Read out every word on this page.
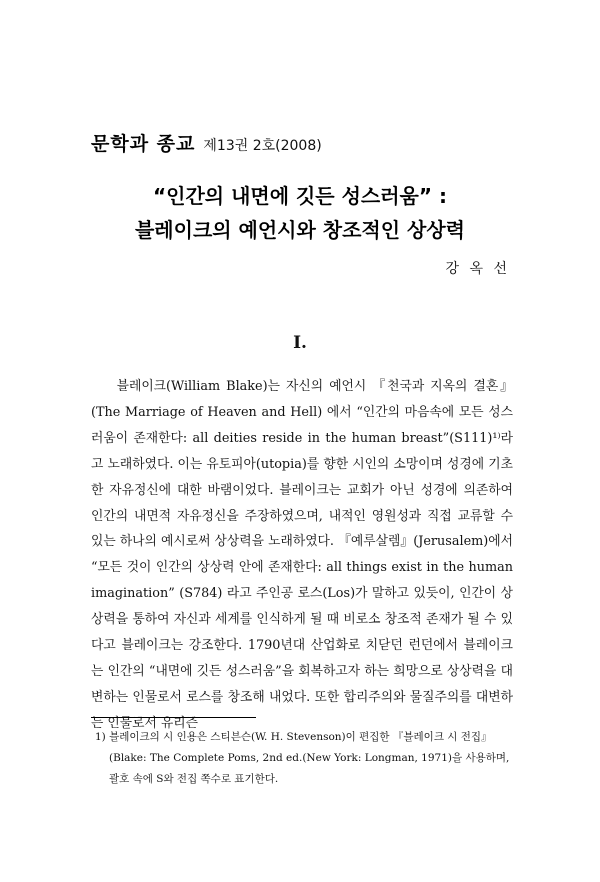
문학과 종교 제13권 2호(2008)
“인간의 내면에 깃든 성스러움” :
블레이크의 예언시와 창조적인 상상력
강 옥 선
I.

블레이크(William Blake)는 자신의 예언시 『천국과 지옥의 결혼』(The Marriage of Heaven and Hell) 에서 “인간의 마음속에 모든 성스러움이 존재한다: all deities reside in the human breast”(S111)¹⁾라고 노래하였다. 이는 유토피아(utopia)를 향한 시인의 소망이며 성경에 기초한 자유정신에 대한 바램이었다. 블레이크는 교회가 아닌 성경에 의존하여 인간의 내면적 자유정신을 주장하였으며, 내적인 영원성과 직접 교류할 수 있는 하나의 예시로써 상상력을 노래하였다. 『예루살렘』(Jerusalem)에서 “모든 것이 인간의 상상력 안에 존재한다: all things exist in the human imagination” (S784) 라고 주인공 로스(Los)가 말하고 있듯이, 인간이 상상력을 통하여 자신과 세계를 인식하게 될 때 비로소 창조적 존재가 될 수 있다고 블레이크는 강조한다. 1790년대 산업화로 치닫던 런던에서 블레이크는 인간의 “내면에 깃든 성스러움”을 회복하고자 하는 희망으로 상상력을 대변하는 인물로서 로스를 창조해 내었다. 또한 합리주의와 물질주의를 대변하는 인물로서 유리즌

1) 블레이크의 시 인용은 스티븐슨(W. H. Stevenson)이 편집한 『블레이크 시 전집』 (Blake: The Complete Poms, 2nd ed.(New York: Longman, 1971)을 사용하며, 괄호 속에 S와 전집 쪽수로 표기한다.
